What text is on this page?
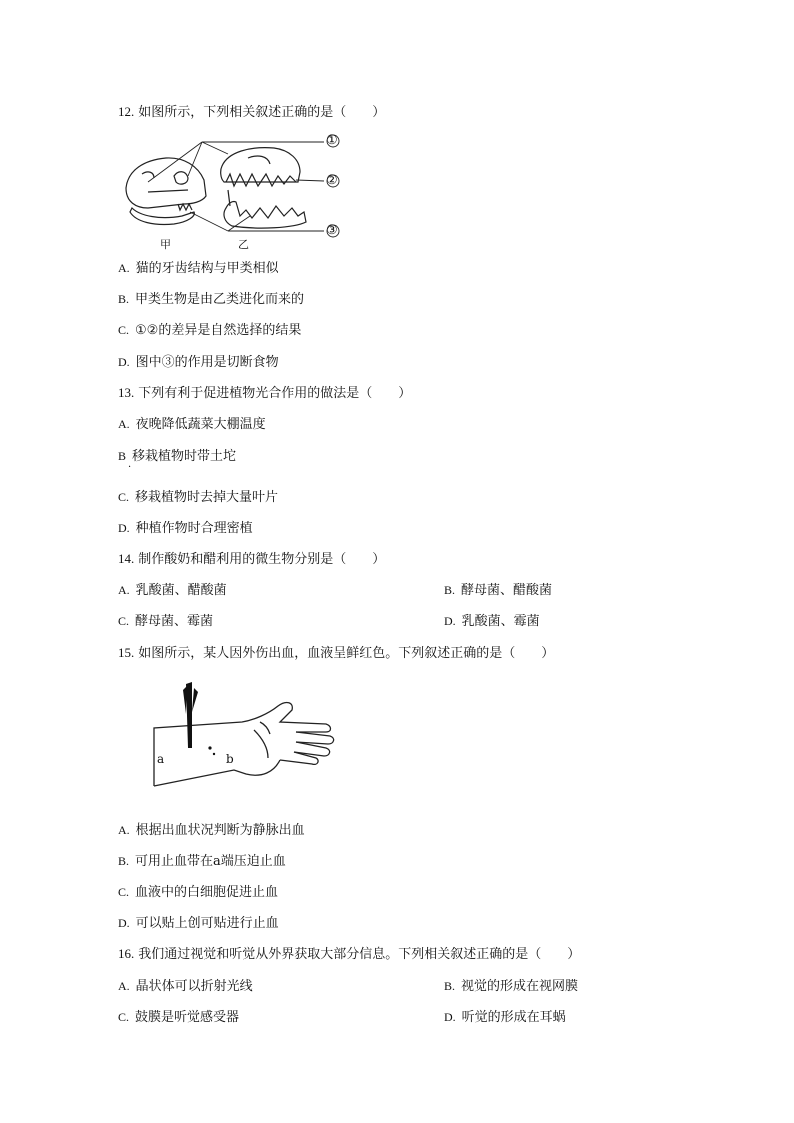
12. 如图所示，下列相关叙述正确的是（　　）
①
②
③
甲	乙
A. 猫的牙齿结构与甲类相似
B. 甲类生物是由乙类进化而来的
C. ①②的差异是自然选择的结果
D. 图中③的作用是切断食物
13. 下列有利于促进植物光合作用的做法是（　　）
A. 夜晚降低蔬菜大棚温度
B 移栽植物时带土坨
·
C. 移栽植物时去掉大量叶片
D. 种植作物时合理密植
14. 制作酸奶和醋利用的微生物分别是（　　）
A. 乳酸菌、醋酸菌	B. 酵母菌、醋酸菌
C. 酵母菌、霉菌	D. 乳酸菌、霉菌
15. 如图所示，某人因外伤出血，血液呈鲜红色。下列叙述正确的是（　　）
a	b
A. 根据出血状况判断为静脉出血
B. 可用止血带在a端压迫止血
C. 血液中的白细胞促进止血
D. 可以贴上创可贴进行止血
16. 我们通过视觉和听觉从外界获取大部分信息。下列相关叙述正确的是（　　）
A. 晶状体可以折射光线	B. 视觉的形成在视网膜
C. 鼓膜是听觉感受器	D. 听觉的形成在耳蜗
